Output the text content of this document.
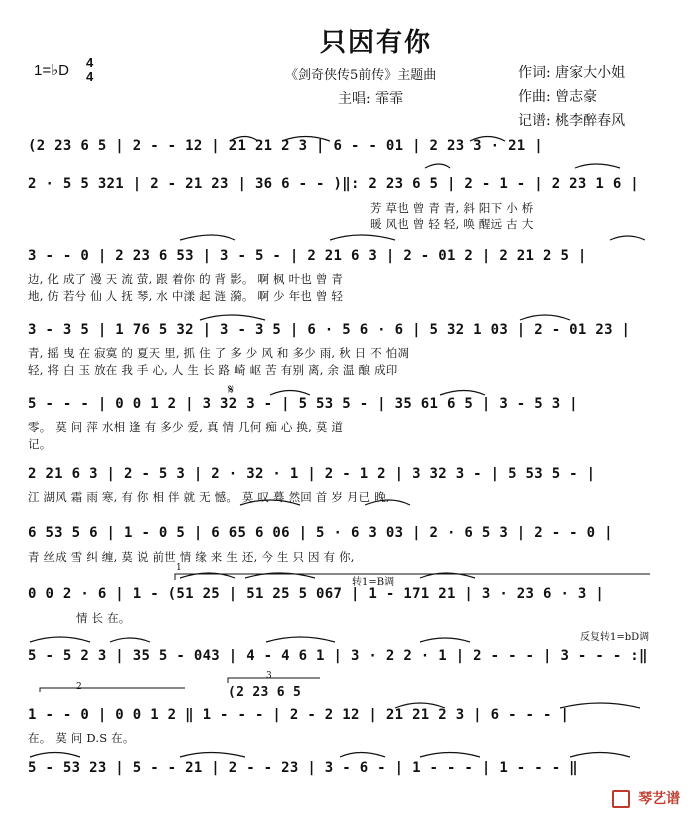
只因有你
1=♭D 4
4	《剑奇侠传5前传》主题曲
主唱: 霏霏
作词: 唐家大小姐
作曲: 曾志豪
记谱: 桃李醉春风
1
2
3
转1=B调
反复转1=bD调
(2 23 6 5
𝄋
(2 23 6 5 | 2 - - 12 | 21 21 2 3 | 6 - - 01 | 2 23 3 · 21 |
2 · 5 5 321 | 2 - 21 23 | 36 6 - - )‖: 2 23 6 5 | 2 - 1 - | 2 23 1 6 |
芳 草也 曾 青 青, 斜 阳下 小 桥
暖 风也 曾 轻 轻, 唤 醒远 古 大
3 - - 0 | 2 23 6 53 | 3 - 5 - | 2 21 6 3 | 2 - 01 2 | 2 21 2 5 |
边, 化 成了 漫 天 流 萤, 跟 着你 的 背 影。 啊 枫 叶也 曾 青
地, 仿 若兮 仙 人 抚 琴, 水 中漾 起 涟 漪。 啊 少 年也 曾 轻
3 - 3 5 | 1 76 5 32 | 3 - 3 5 | 6 · 5 6 · 6 | 5 32 1 03 | 2 - 01 23 |
青, 摇 曳 在 寂寞 的 夏天 里, 抓 住 了 多 少 风 和 多少 雨, 秋 日 不 怕凋
轻, 将 白 玉 放在 我 手 心, 人 生 长 路 崎 岖 苦 有别 离, 余 温 酿 成印
5 - - - | 0 0 1 2 | 3 32 3 - | 5 53 5 - | 35 61 6 5 | 3 - 5 3 |
零。 莫 问 萍 水相 逢 有 多少 爱, 真 情 几何 痴 心 换, 莫 道
记。
2 21 6 3 | 2 - 5 3 | 2 · 32 · 1 | 2 - 1 2 | 3 32 3 - | 5 53 5 - |
江 湖风 霜 雨 寒, 有 你 相 伴 就 无 憾。 莫 叹 蓦 然回 首 岁 月已 晚,
6 53 5 6 | 1 - 0 5 | 6 65 6 06 | 5 · 6 3 03 | 2 · 6 5 3 | 2 - - 0 |
青 丝成 雪 纠 缠, 莫 说 前世 情 缘 来 生 还, 今 生 只 因 有 你,
0 0 2 · 6 | 1 - (51 25 | 51 25 5 067 | 1 - 171 21 | 3 · 23 6 · 3 |
情 长 在。
5 - 5 2 3 | 35 5 - 043 | 4 - 4 6 1 | 3 · 2 2 · 1 | 2 - - - | 3 - - - :‖
1 - - 0 | 0 0 1 2 ‖ 1 - - - | 2 - 2 12 | 21 21 2 3 | 6 - - - |
在。 莫 问 D.S 在。
5 - 53 23 | 5 - - 21 | 2 - - 23 | 3 - 6 - | 1 - - - | 1 - - - ‖
琴艺谱
